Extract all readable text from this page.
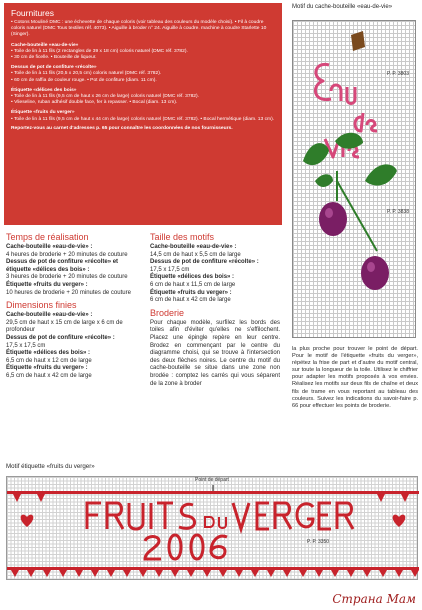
Fournitures
• Cotons Mouliné DMC : une échevette de chaque coloris (voir tableau des couleurs du modèle choisi). • Fil à coudre coloris naturel (DMC Tous textiles réf. 4073). • Aiguille à broder n° 24. Aiguille à coudre. machine à coudre Starlette 10 (Singer).
Cache-bouteille «eau-de-vie»
• Toile de lin à 11 fils (2 rectangles de 39 x 18 cm) coloris naturel (DMC réf. 3782).
• 30 cm de ficelle. • Bouteille de liqueur.
Dessus de pot de confiture «récolte»
• Toile de lin à 11 fils (20,5 x 20,5 cm) coloris naturel (DMC réf. 3782).
• 60 cm de raffia de couleur rouge. • Pot de confiture (diam. 11 cm).
Étiquette «délices des bois»
• Toile de lin à 11 fils (9,5 cm de haut x 26 cm de large) coloris naturel (DMC réf. 3782).
• Vlieseline, ruban adhésif double face, fer à repasser. • Bocal (diam. 13 cm).
Étiquette «fruits du verger»
• Toile de lin à 11 fils (9,5 cm de haut x 44 cm de large) coloris naturel (DMC réf. 3782). • Bocal hermétique (diam. 13 cm).
Reportez-vous au carnet d'adresses p. 65 pour connaître les coordonnées de nos fournisseurs.
Motif du cache-bouteille «eau-de-vie»
P. P. 3803
P. P. 3838
Temps de réalisation
Cache-bouteille «eau-de-vie» :
4 heures de broderie + 20 minutes de couture
Dessus de pot de confiture «récolte» et étiquette «délices des bois» :
3 heures de broderie + 20 minutes de couture
Étiquette «fruits du verger» :
10 heures de broderie + 20 minutes de couture
Dimensions finies
Cache-bouteille «eau-de-vie» :
29,5 cm de haut x 15 cm de large x 6 cm de profondeur
Dessus de pot de confiture «récolte» :
17,5 x 17,5 cm
Étiquette «délices des bois» :
6,5 cm de haut x 12 cm de large
Étiquette «fruits du verger» :
6,5 cm de haut x 42 cm de large
Taille des motifs
Cache-bouteille «eau-de-vie» :
14,5 cm de haut x 5,5 cm de large
Dessus de pot de confiture «récolte» :
17,5 x 17,5 cm
Étiquette «délices des bois» :
6 cm de haut x 11,5 cm de large
Étiquette «fruits du verger» :
6 cm de haut x 42 cm de large
Broderie
Pour chaque modèle, surfilez les bords des toiles afin d'éviter qu'elles ne s'effilochent. Placez une épingle repère en leur centre. Brodez en commençant par le centre du diagramme choisi, qui se trouve à l'intersection des deux flèches noires. Le centre du motif du cache-bouteille se situe dans une zone non brodée : comptez les carrés qui vous séparent de la zone à broder
la plus proche pour trouver le point de départ. Pour le motif de l'étiquette «fruits du verger», répétez la frise de part et d'autre du motif central, sur toute la longueur de la toile. Utilisez le chiffrier pour adapter les motifs proposés à vos envies. Réalisez les motifs sur deux fils de chaîne et deux fils de trame en vous reportant au tableau des couleurs. Suivez les indications du savoir-faire p. 66 pour effectuer les points de broderie.
Motif étiquette «fruits du verger»
Point de départ
P. P. 3350
Страна Мам
